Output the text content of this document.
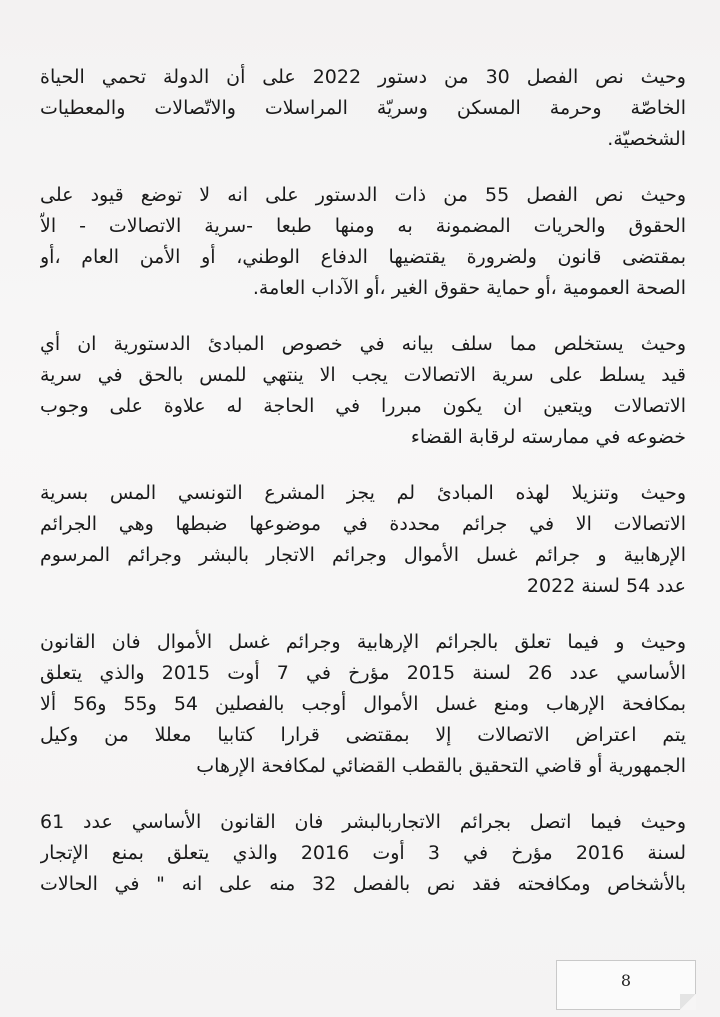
وحيث نص الفصل 30 من دستور 2022 على أن الدولة تحمي الحياة
الخاصّة وحرمة المسكن وسريّة المراسلات والاتّصالات والمعطيات
الشخصيّة.

وحيث نص الفصل 55 من ذات الدستور على انه لا توضع قيود على
الحقوق والحريات المضمونة به ومنها طبعا -سرية الاتصالات - الاّ
بمقتضى قانون ولضرورة يقتضيها الدفاع الوطني، أو الأمن العام ،أو
الصحة العمومية ،أو حماية حقوق الغير ،أو الآداب العامة.

وحيث يستخلص مما سلف بيانه في خصوص المبادئ الدستورية ان أي
قيد يسلط على سرية الاتصالات يجب الا ينتهي للمس بالحق في سرية
الاتصالات ويتعين ان يكون مبررا في الحاجة له علاوة على وجوب
خضوعه في ممارسته لرقابة القضاء

وحيث وتنزيلا لهذه المبادئ لم يجز المشرع التونسي المس بسرية
الاتصالات الا في جرائم محددة في موضوعها ضبطها وهي الجرائم
الإرهابية و جرائم غسل الأموال وجرائم الاتجار بالبشر وجرائم المرسوم
عدد 54 لسنة 2022

وحيث و فيما تعلق بالجرائم الإرهابية وجرائم غسل الأموال فان القانون
الأساسي عدد 26 لسنة 2015 مؤرخ في 7 أوت 2015 والذي يتعلق
بمكافحة الإرهاب ومنع غسل الأموال أوجب بالفصلين 54 و55 و56 ألا
يتم اعتراض الاتصالات إلا بمقتضى قرارا كتابيا معللا من وكيل
الجمهورية أو قاضي التحقيق بالقطب القضائي لمكافحة الإرهاب

وحيث فيما اتصل بجرائم الاتجاربالبشر فان القانون الأساسي عدد 61
لسنة 2016 مؤرخ في 3 أوت 2016 والذي يتعلق بمنع الإتجار
بالأشخاص ومكافحته فقد نص بالفصل 32 منه على انه " في الحالات

8
